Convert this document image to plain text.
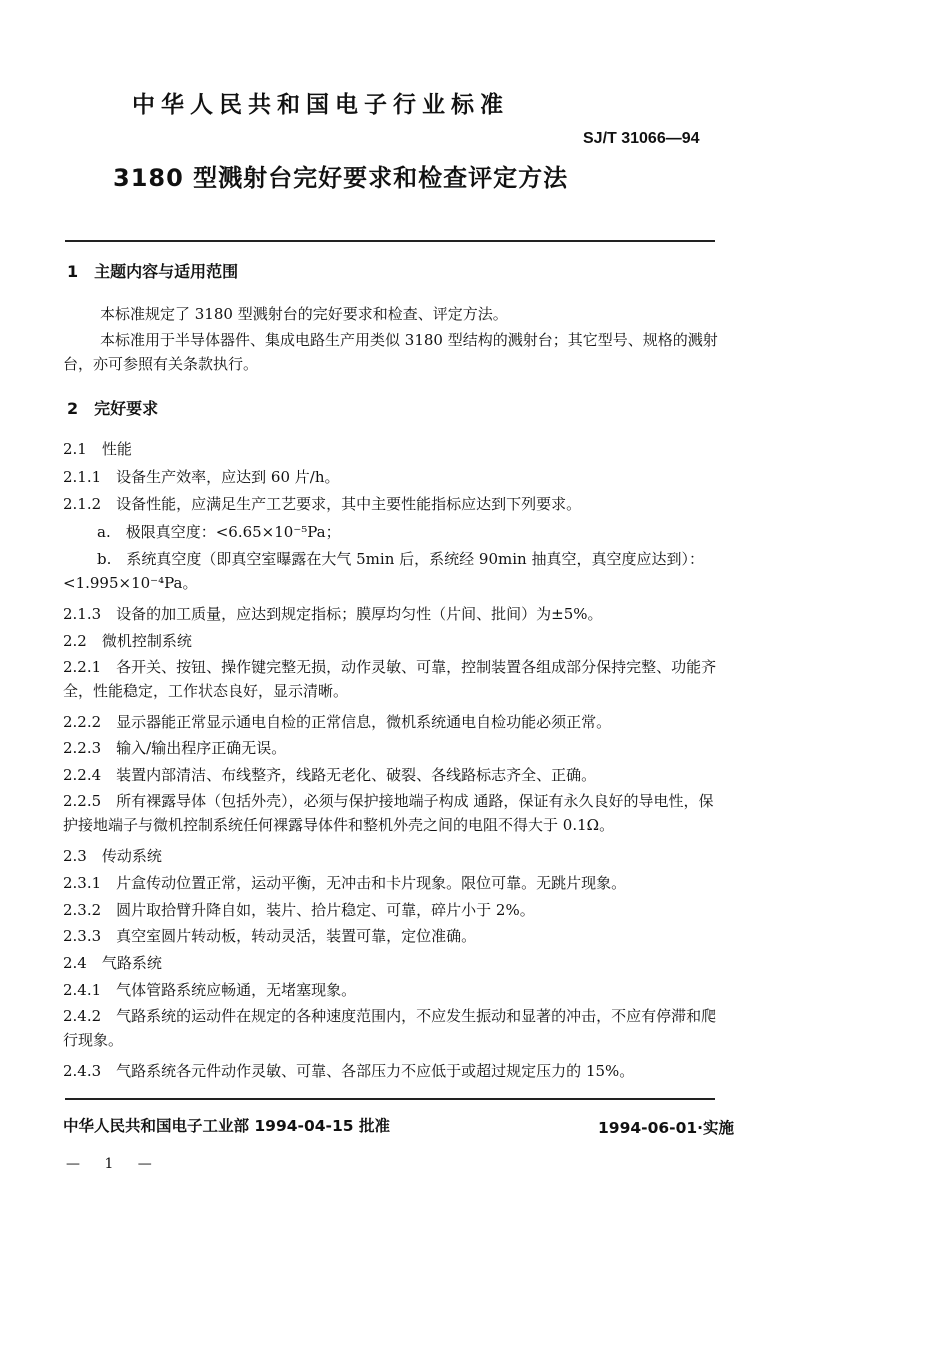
中华人民共和国电子行业标准
SJ/T 31066—94
3180 型溅射台完好要求和检查评定方法
1　主题内容与适用范围
本标准规定了 3180 型溅射台的完好要求和检查、评定方法。
本标准用于半导体器件、集成电路生产用类似 3180 型结构的溅射台；其它型号、规格的溅射台，亦可参照有关条款执行。
2　完好要求
2.1　性能
2.1.1　设备生产效率，应达到 60 片/h。
2.1.2　设备性能，应满足生产工艺要求，其中主要性能指标应达到下列要求。
a.　极限真空度：<6.65×10⁻⁵Pa；
b.　系统真空度（即真空室曝露在大气 5min 后，系统经 90min 抽真空，真空度应达到）：<1.995×10⁻⁴Pa。
2.1.3　设备的加工质量，应达到规定指标；膜厚均匀性（片间、批间）为±5%。
2.2　微机控制系统
2.2.1　各开关、按钮、操作键完整无损，动作灵敏、可靠，控制装置各组成部分保持完整、功能齐全，性能稳定，工作状态良好，显示清晰。
2.2.2　显示器能正常显示通电自检的正常信息，微机系统通电自检功能必须正常。
2.2.3　输入/输出程序正确无误。
2.2.4　装置内部清洁、布线整齐，线路无老化、破裂、各线路标志齐全、正确。
2.2.5　所有裸露导体（包括外壳），必须与保护接地端子构成 通路，保证有永久良好的导电性，保护接地端子与微机控制系统任何裸露导体件和整机外壳之间的电阻不得大于 0.1Ω。
2.3　传动系统
2.3.1　片盒传动位置正常，运动平衡，无冲击和卡片现象。限位可靠。无跳片现象。
2.3.2　圆片取拾臂升降自如，装片、拾片稳定、可靠，碎片小于 2%。
2.3.3　真空室圆片转动板，转动灵活，装置可靠，定位准确。
2.4　气路系统
2.4.1　气体管路系统应畅通，无堵塞现象。
2.4.2　气路系统的运动件在规定的各种速度范围内，不应发生振动和显著的冲击，不应有停滞和爬行现象。
2.4.3　气路系统各元件动作灵敏、可靠、各部压力不应低于或超过规定压力的 15%。
中华人民共和国电子工业部 1994-04-15 批准	1994-06-01·实施
— 1 —
